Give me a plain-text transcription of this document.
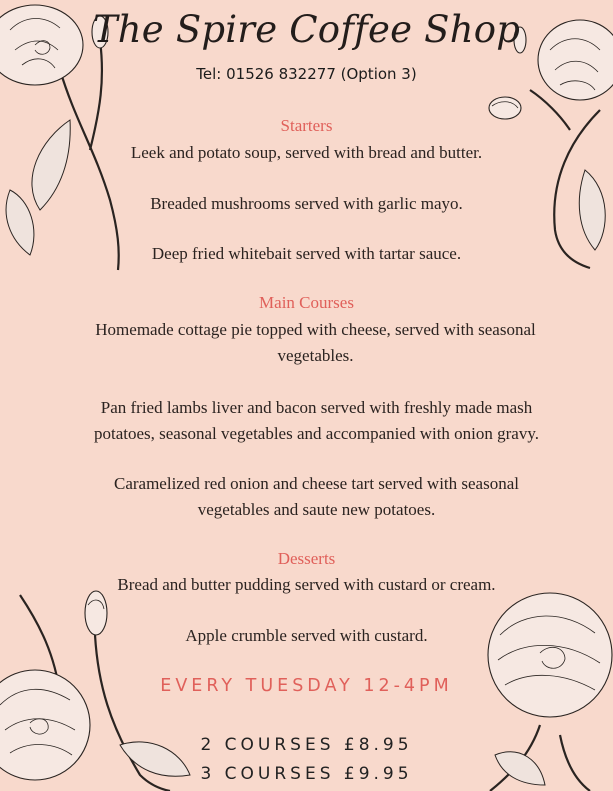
The Spire Coffee Shop
Tel: 01526 832277 (Option 3)
Starters
Leek and potato soup, served with bread and butter.
Breaded mushrooms served with garlic mayo.
Deep fried whitebait served with tartar sauce.
Main Courses
Homemade cottage pie topped with cheese, served with seasonal vegetables.
Pan fried lambs liver and bacon served with freshly made mash potatoes, seasonal vegetables and accompanied with onion gravy.
Caramelized red onion and cheese tart served with seasonal vegetables and saute new potatoes.
Desserts
Bread and butter pudding served with custard or cream.
Apple crumble served with custard.
EVERY TUESDAY 12-4PM
2 COURSES £8.95
3 COURSES £9.95
